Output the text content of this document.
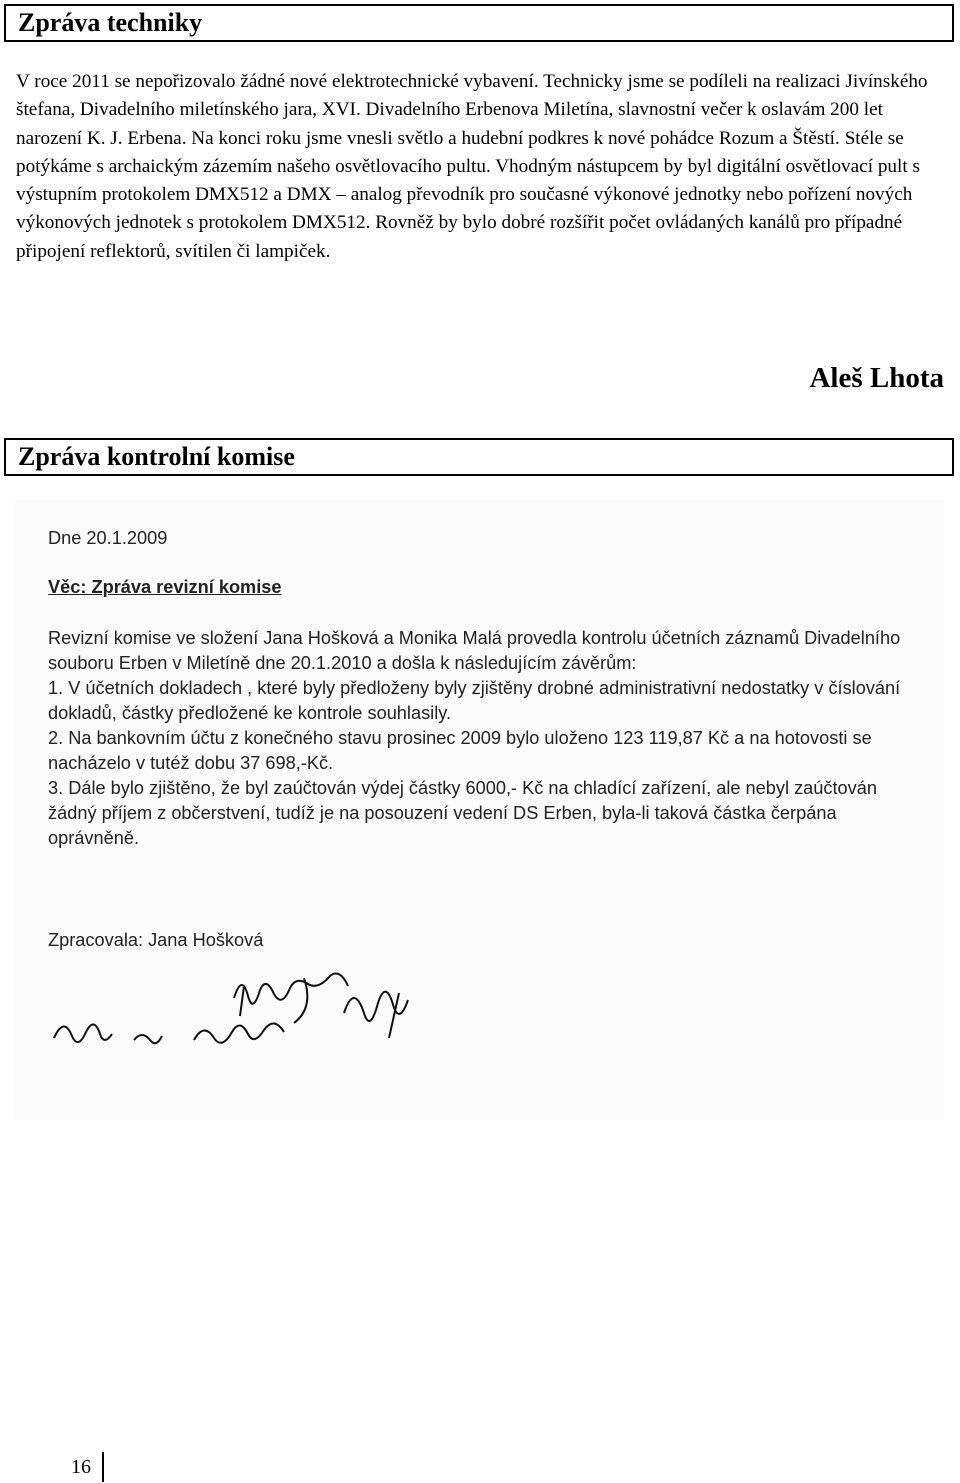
Zpráva techniky

V roce 2011 se nepořizovalo žádné nové elektrotechnické vybavení. Technicky jsme se podíleli na realizaci Jivínského štefana, Divadelního miletínského jara, XVI. Divadelního Erbenova Miletína, slavnostní večer k oslavám 200 let narození K. J. Erbena. Na konci roku jsme vnesli světlo a hudební podkres k nové pohádce Rozum a Štěstí. Stéle se potýkáme s archaickým zázemím našeho osvětlovacího pultu. Vhodným nástupcem by byl digitální osvětlovací pult s výstupním protokolem DMX512 a DMX – analog převodník pro současné výkonové jednotky nebo pořízení nových výkonových jednotek s protokolem DMX512. Rovněž by bylo dobré rozšířit počet ovládaných kanálů pro případné připojení reflektorů, svítilen či lampiček.

Aleš Lhota
Zpráva kontrolní komise
Dne 20.1.2009
Věc: Zpráva revizní komise

Revizní komise ve složení Jana Hošková a Monika Malá provedla kontrolu účetních záznamů Divadelního souboru Erben v Miletíně dne 20.1.2010 a došla k následujícím závěrům:
1. V účetních dokladech , které byly předloženy byly zjištěny drobné administrativní nedostatky v číslování dokladů, částky předložené ke kontrole souhlasily.
2. Na bankovním účtu z konečného stavu prosinec 2009 bylo uloženo 123 119,87 Kč a na hotovosti se nacházelo v tutéž dobu 37 698,-Kč.
3. Dále bylo zjištěno, že byl zaúčtován výdej částky 6000,- Kč na chladící zařízení, ale nebyl zaúčtován žádný příjem z občerstvení, tudíž je na posouzení vedení DS Erben, byla-li taková částka čerpána oprávněně.

Zpracovala: Jana Hošková
16
